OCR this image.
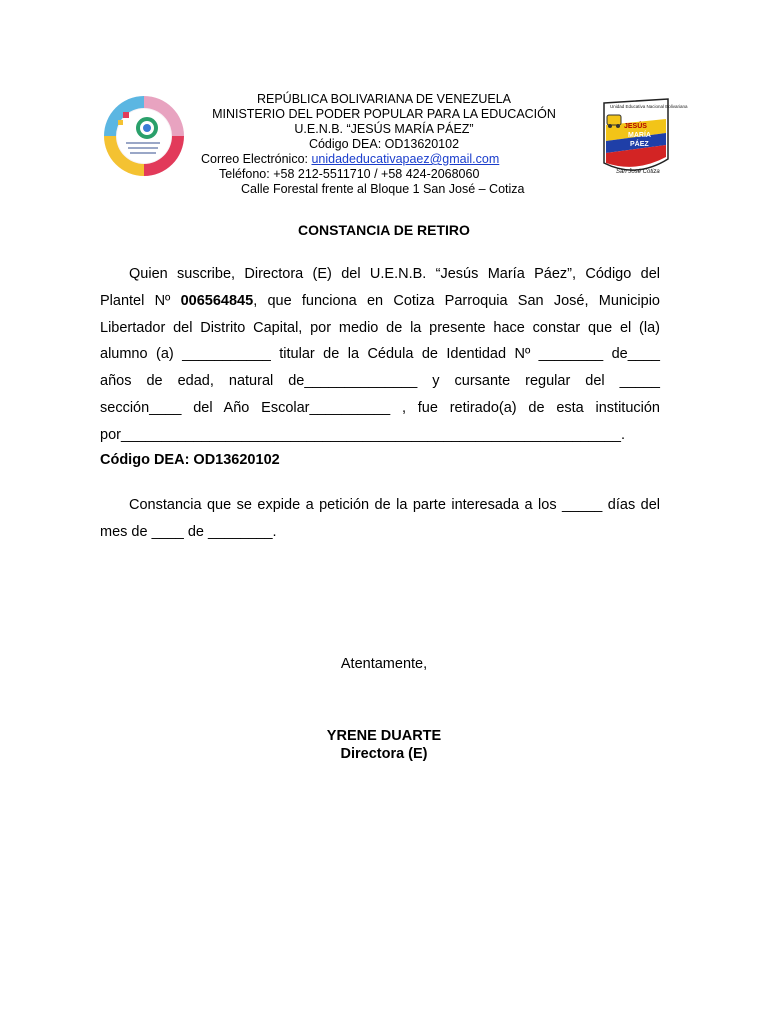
Unidad Educativa Nacional Bolivariana
JESÚS
MARÍA
PÁEZ
San José Cotiza
REPÚBLICA BOLIVARIANA DE VENEZUELA
MINISTERIO DEL PODER POPULAR PARA LA EDUCACIÓN
U.E.N.B. “JESÚS MARÍA PÁEZ”
Código DEA: OD13620102
Correo Electrónico: unidadeducativapaez@gmail.com
Teléfono: +58 212-5511710 / +58 424-2068060
Calle Forestal frente al Bloque 1 San José – Cotiza
CONSTANCIA DE RETIRO
Quien suscribe, Directora (E) del U.E.N.B. “Jesús María Páez”, Código del
Plantel Nº 006564845, que funciona en Cotiza Parroquia San José, Municipio
Libertador del Distrito Capital, por medio de la presente hace constar que el (la)
alumno (a) ___________ titular de la Cédula de Identidad Nº ________ de____
años de edad, natural de______________ y cursante regular del _____
sección____ del Año Escolar__________ , fue retirado(a) de esta institución
por______________________________________________________________.
Código DEA: OD13620102
Constancia que se expide a petición de la parte interesada a los _____ días del
mes de ____ de ________.
Atentamente,
YRENE DUARTE
Directora (E)
